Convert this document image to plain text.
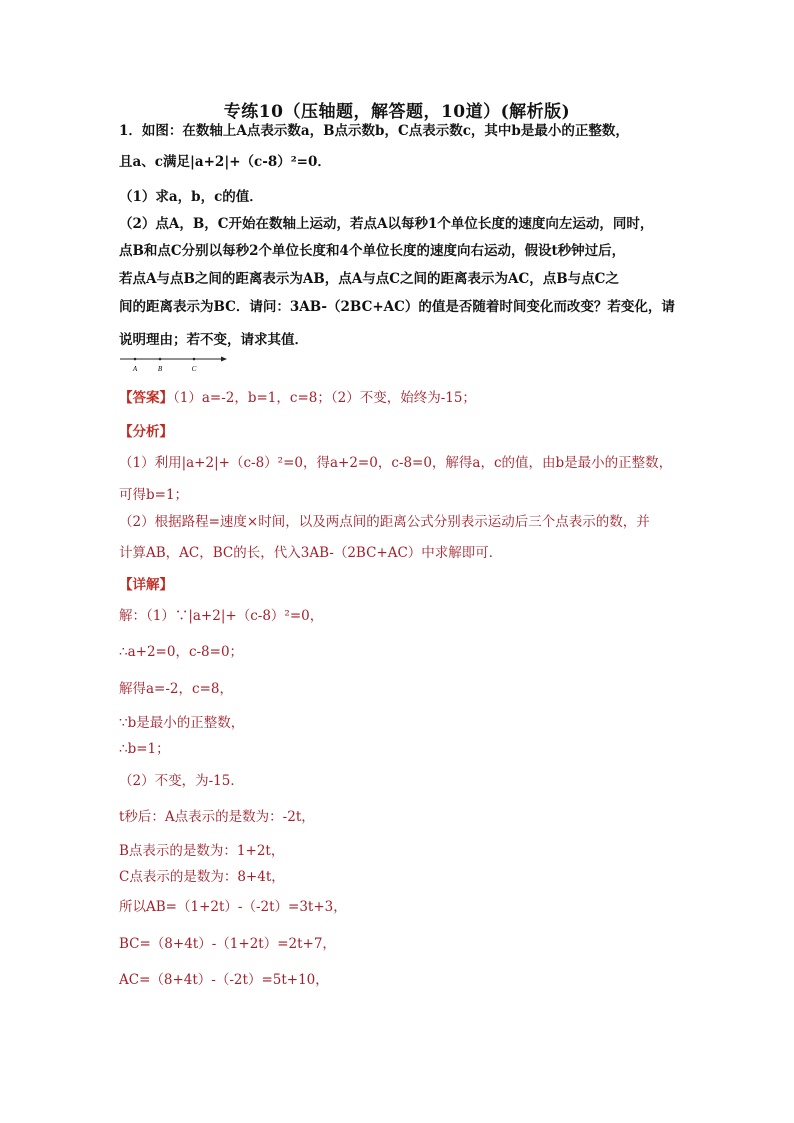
专练10（压轴题，解答题，10道）(解析版)
1．如图：在数轴上A点表示数a，B点示数b，C点表示数c，其中b是最小的正整数，
且a、c满足|a+2|+（c-8）²=0．
（1）求a，b，c的值．
（2）点A，B，C开始在数轴上运动，若点A以每秒1个单位长度的速度向左运动，同时，
点B和点C分别以每秒2个单位长度和4个单位长度的速度向右运动，假设t秒钟过后，
若点A与点B之间的距离表示为AB，点A与点C之间的距离表示为AC，点B与点C之
间的距离表示为BC．请问：3AB-（2BC+AC）的值是否随着时间变化而改变？若变化，请
说明理由；若不变，请求其值．
A	B	C
【答案】（1）a=-2，b=1，c=8；（2）不变，始终为-15；
【分析】
（1）利用|a+2|+（c-8）²=0，得a+2=0，c-8=0，解得a，c的值，由b是最小的正整数，
可得b=1；
（2）根据路程=速度×时间，以及两点间的距离公式分别表示运动后三个点表示的数，并
计算AB，AC，BC的长，代入3AB-（2BC+AC）中求解即可．
【详解】
解：（1）∵|a+2|+（c-8）²=0，
∴a+2=0，c-8=0；
解得a=-2，c=8，
∵b是最小的正整数，
∴b=1；
（2）不变，为-15．
t秒后：A点表示的是数为：-2t，
B点表示的是数为：1+2t，
C点表示的是数为：8+4t，
所以AB=（1+2t）-（-2t）=3t+3，
BC=（8+4t）-（1+2t）=2t+7，
AC=（8+4t）-（-2t）=5t+10，
